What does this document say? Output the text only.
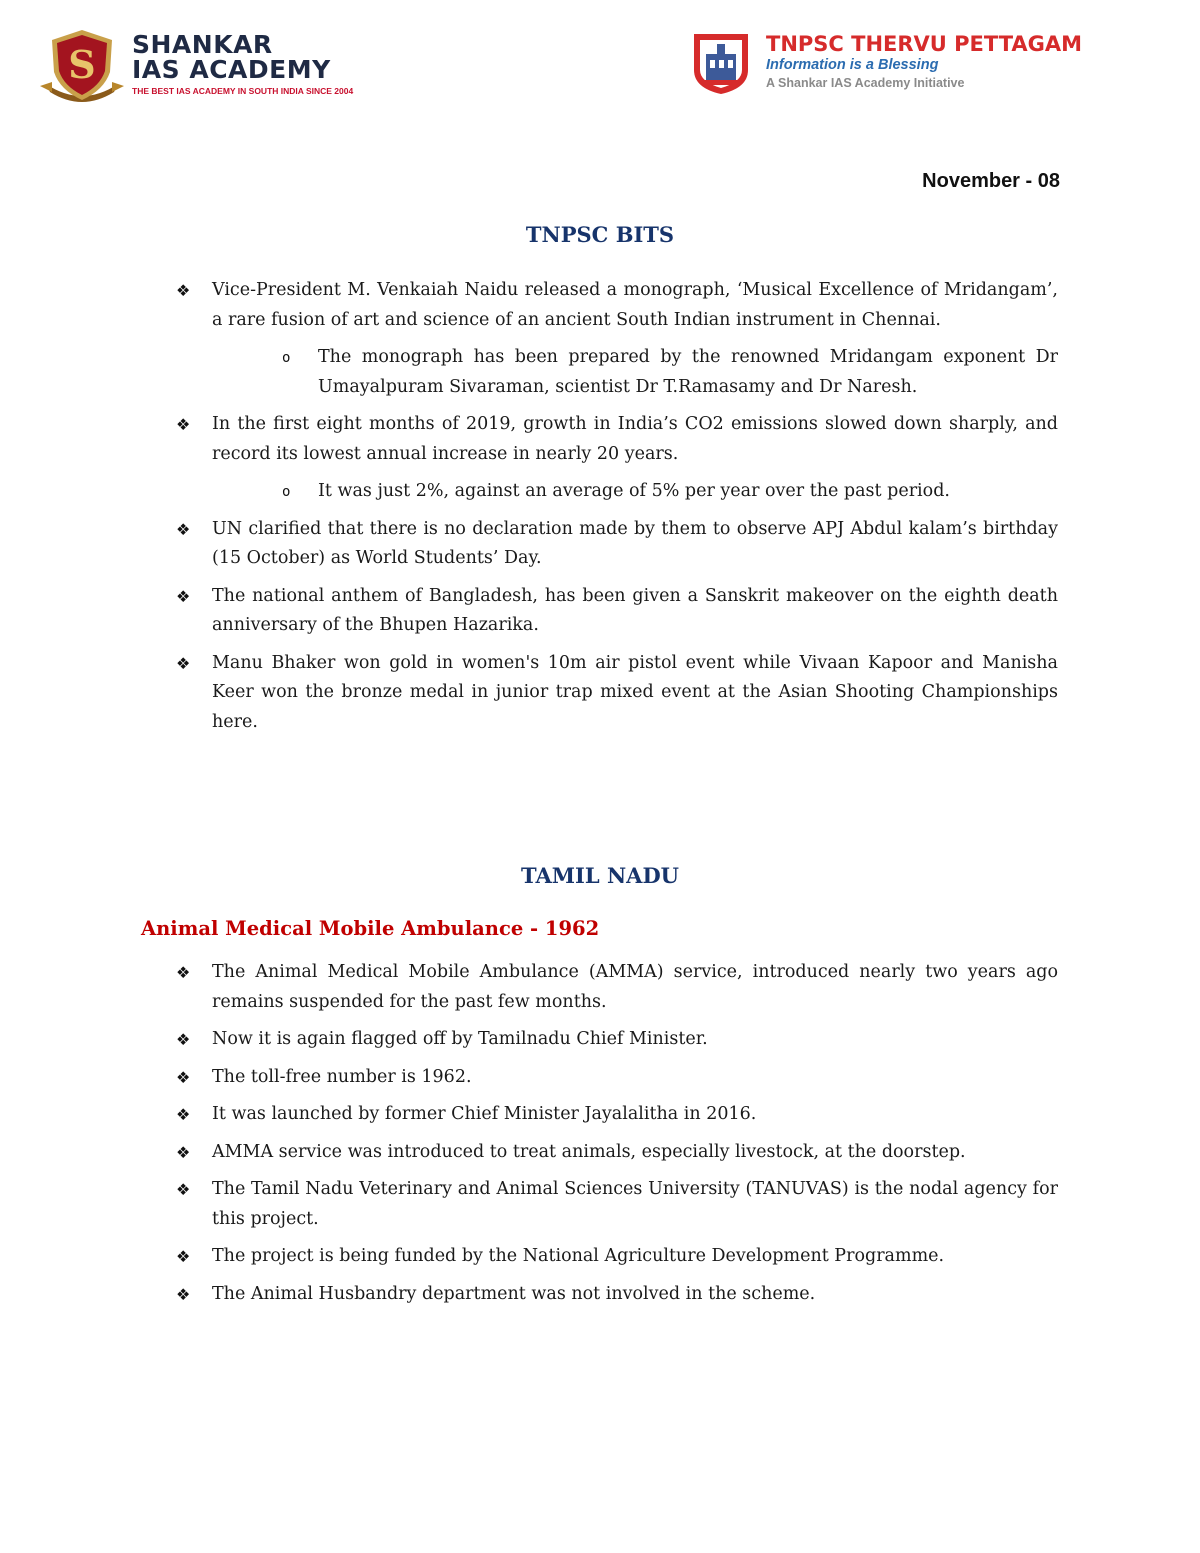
S SHANKAR
IAS ACADEMY
THE BEST IAS ACADEMY IN SOUTH INDIA SINCE 2004
TNPSC THERVU PETTAGAM
Information is a Blessing
A Shankar IAS Academy Initiative
November - 08
TNPSC BITS
❖ Vice-President M. Venkaiah Naidu released a monograph, ‘Musical Excellence of Mridangam’, a rare fusion of art and science of an ancient South Indian instrument in Chennai.
o The monograph has been prepared by the renowned Mridangam exponent Dr Umayalpuram Sivaraman, scientist Dr T.Ramasamy and Dr Naresh.
❖ In the first eight months of 2019, growth in India’s CO2 emissions slowed down sharply, and record its lowest annual increase in nearly 20 years.
o It was just 2%, against an average of 5% per year over the past period.
❖ UN clarified that there is no declaration made by them to observe APJ Abdul kalam’s birthday (15 October) as World Students’ Day.
❖ The national anthem of Bangladesh, has been given a Sanskrit makeover on the eighth death anniversary of the Bhupen Hazarika.
❖ Manu Bhaker won gold in women's 10m air pistol event while Vivaan Kapoor and Manisha Keer won the bronze medal in junior trap mixed event at the Asian Shooting Championships here.
TAMIL NADU
Animal Medical Mobile Ambulance - 1962
❖ The Animal Medical Mobile Ambulance (AMMA) service, introduced nearly two years ago remains suspended for the past few months.
❖ Now it is again flagged off by Tamilnadu Chief Minister.
❖ The toll-free number is 1962.
❖ It was launched by former Chief Minister Jayalalitha in 2016.
❖ AMMA service was introduced to treat animals, especially livestock, at the doorstep.
❖ The Tamil Nadu Veterinary and Animal Sciences University (TANUVAS) is the nodal agency for this project.
❖ The project is being funded by the National Agriculture Development Programme.
❖ The Animal Husbandry department was not involved in the scheme.
